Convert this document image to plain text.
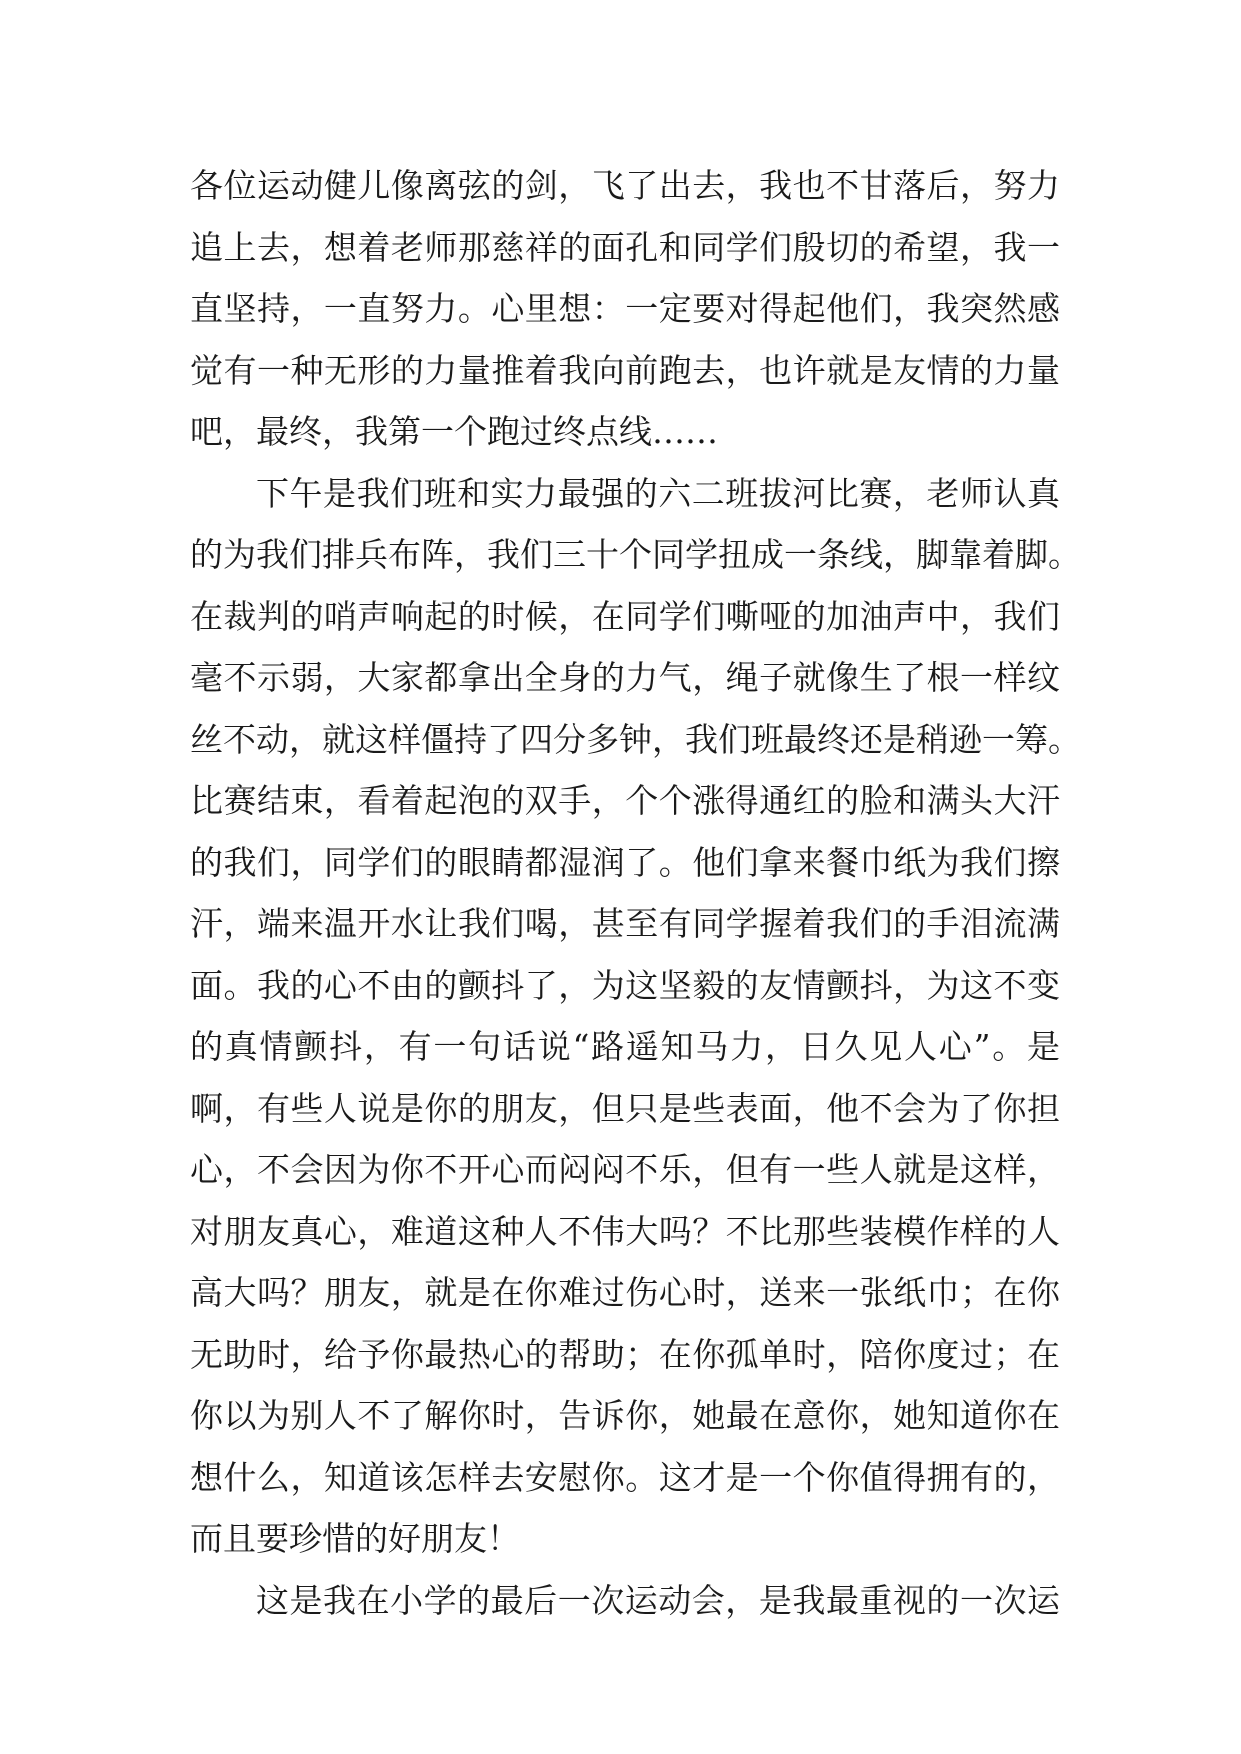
各位运动健儿像离弦的剑，飞了出去，我也不甘落后，努力
追上去，想着老师那慈祥的面孔和同学们殷切的希望，我一
直坚持，一直努力。心里想：一定要对得起他们，我突然感
觉有一种无形的力量推着我向前跑去，也许就是友情的力量
吧，最终，我第一个跑过终点线……
下午是我们班和实力最强的六二班拔河比赛，老师认真
的为我们排兵布阵，我们三十个同学扭成一条线，脚靠着脚。
在裁判的哨声响起的时候，在同学们嘶哑的加油声中，我们
毫不示弱，大家都拿出全身的力气，绳子就像生了根一样纹
丝不动，就这样僵持了四分多钟，我们班最终还是稍逊一筹。
比赛结束，看着起泡的双手，个个涨得通红的脸和满头大汗
的我们，同学们的眼睛都湿润了。他们拿来餐巾纸为我们擦
汗，端来温开水让我们喝，甚至有同学握着我们的手泪流满
面。我的心不由的颤抖了，为这坚毅的友情颤抖，为这不变
的真情颤抖，有一句话说“路遥知马力，日久见人心”。是
啊，有些人说是你的朋友，但只是些表面，他不会为了你担
心，不会因为你不开心而闷闷不乐，但有一些人就是这样，
对朋友真心，难道这种人不伟大吗？不比那些装模作样的人
高大吗？朋友，就是在你难过伤心时，送来一张纸巾；在你
无助时，给予你最热心的帮助；在你孤单时，陪你度过；在
你以为别人不了解你时，告诉你，她最在意你，她知道你在
想什么，知道该怎样去安慰你。这才是一个你值得拥有的，
而且要珍惜的好朋友！
这是我在小学的最后一次运动会，是我最重视的一次运
